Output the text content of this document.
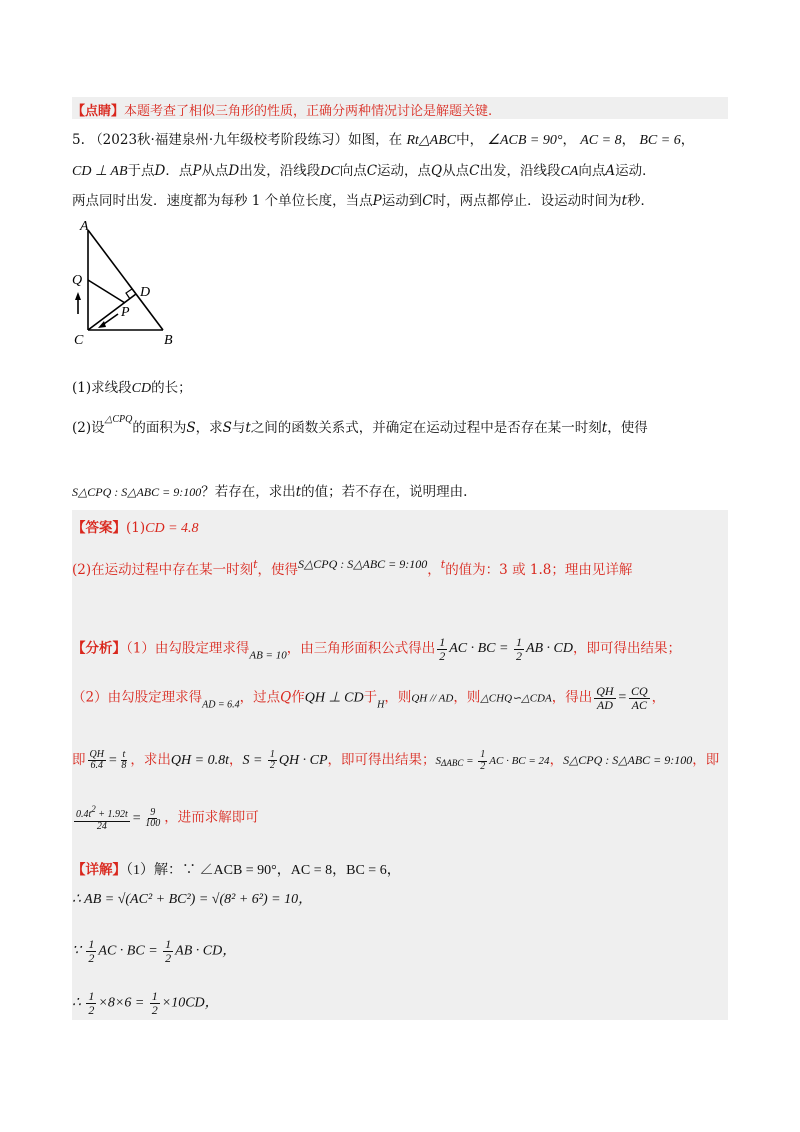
【点睛】本题考查了相似三角形的性质，正确分两种情况讨论是解题关键.
5. （2023秋·福建泉州·九年级校考阶段练习）如图，在 Rt△ABC中， ∠ACB = 90°， AC = 8， BC = 6，
CD ⊥ AB于点D．点P从点D出发，沿线段DC向点C运动，点Q从点C出发，沿线段CA向点A运动．
两点同时出发．速度都为每秒 1 个单位长度，当点P运动到C时，两点都停止．设运动时间为t秒．
A
Q
D
P
C	B
(1)求线段CD的长；
(2)设$^{\triangle CPQ}$的面积为S，求S与t之间的函数关系式，并确定在运动过程中是否存在某一时刻t，使得
S△CPQ : S△ABC = 9:100？若存在，求出t的值；若不存在，说明理由.
【答案】(1)CD = 4.8
(2)在运动过程中存在某一时刻$^t$，使得S△CPQ : S△ABC = 9:100，$^t$的值为：3 或 1.8；理由见详解
【分析】（1）由勾股定理求得$_{AB = 10}$，由三角形面积公式得出 $\frac{1}{2}$ AC · BC = $\frac{1}{2}$ AB · CD，即可得出结果；
（2）由勾股定理求得$_{AD = 6.4}$，过点Q作QH ⊥ CD于$_H$，则QH // AD，则△CHQ∽△CDA，得出 $\frac{QH}{AD} = \frac{CQ}{AC}$ ，
即 $\frac{QH}{6.4} = \frac{t}{8}$ ，求出QH = 0.8t，$S = \frac{1}{2}$ QH · CP，即可得出结果；$S_{\Delta ABC} = \frac{1}{2}$ AC · BC = 24，S△CPQ : S△ABC = 9:100，即
$\frac{0.4t2 + 1.92t}{24} = \frac{9}{100}$ ，进而求解即可
【详解】（1）解：∵ ∠ACB = 90°，AC = 8，BC = 6，
∴ AB = √(AC² + BC²) = √(8² + 6²) = 10，
∵ $\frac{1}{2}$ AC · BC = $\frac{1}{2}$ AB · CD，
∴ $\frac{1}{2} \times 8\times 6 = \frac{1}{2} \times 10CD$，
